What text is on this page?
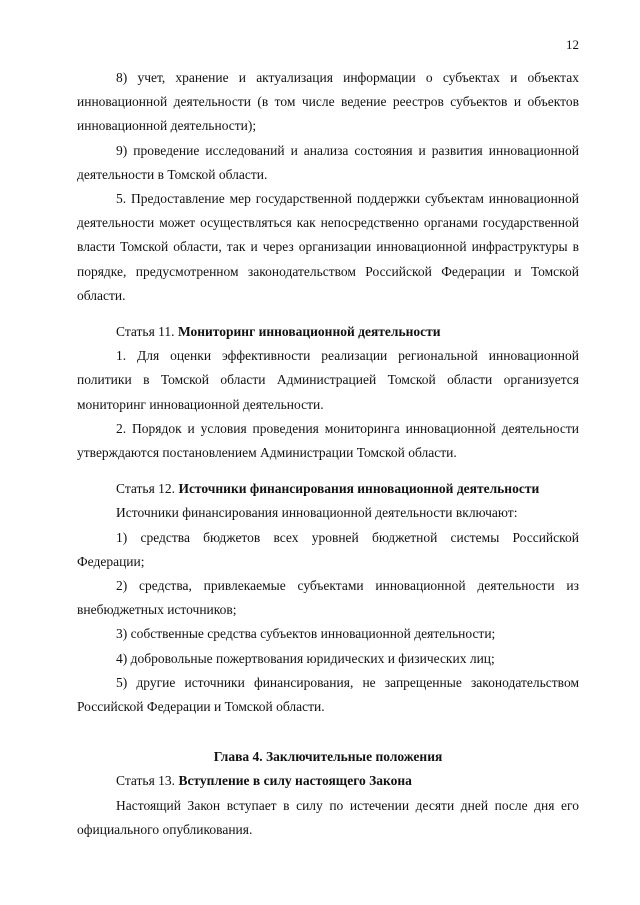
12

8) учет, хранение и актуализация информации о субъектах и объектах инновационной деятельности (в том числе ведение реестров субъектов и объектов инновационной деятельности);

9) проведение исследований и анализа состояния и развития инновационной деятельности в Томской области.

5. Предоставление мер государственной поддержки субъектам инновационной деятельности может осуществляться как непосредственно органами государственной власти Томской области, так и через организации инновационной инфраструктуры в порядке, предусмотренном законодательством Российской Федерации и Томской области.

Статья 11. Мониторинг инновационной деятельности

1. Для оценки эффективности реализации региональной инновационной политики в Томской области Администрацией Томской области организуется мониторинг инновационной деятельности.

2. Порядок и условия проведения мониторинга инновационной деятельности утверждаются постановлением Администрации Томской области.

Статья 12. Источники финансирования инновационной деятельности

Источники финансирования инновационной деятельности включают:

1) средства бюджетов всех уровней бюджетной системы Российской Федерации;

2) средства, привлекаемые субъектами инновационной деятельности из внебюджетных источников;

3) собственные средства субъектов инновационной деятельности;

4) добровольные пожертвования юридических и физических лиц;

5) другие источники финансирования, не запрещенные законодательством Российской Федерации и Томской области.

Глава 4. Заключительные положения

Статья 13. Вступление в силу настоящего Закона

Настоящий Закон вступает в силу по истечении десяти дней после дня его официального опубликования.
